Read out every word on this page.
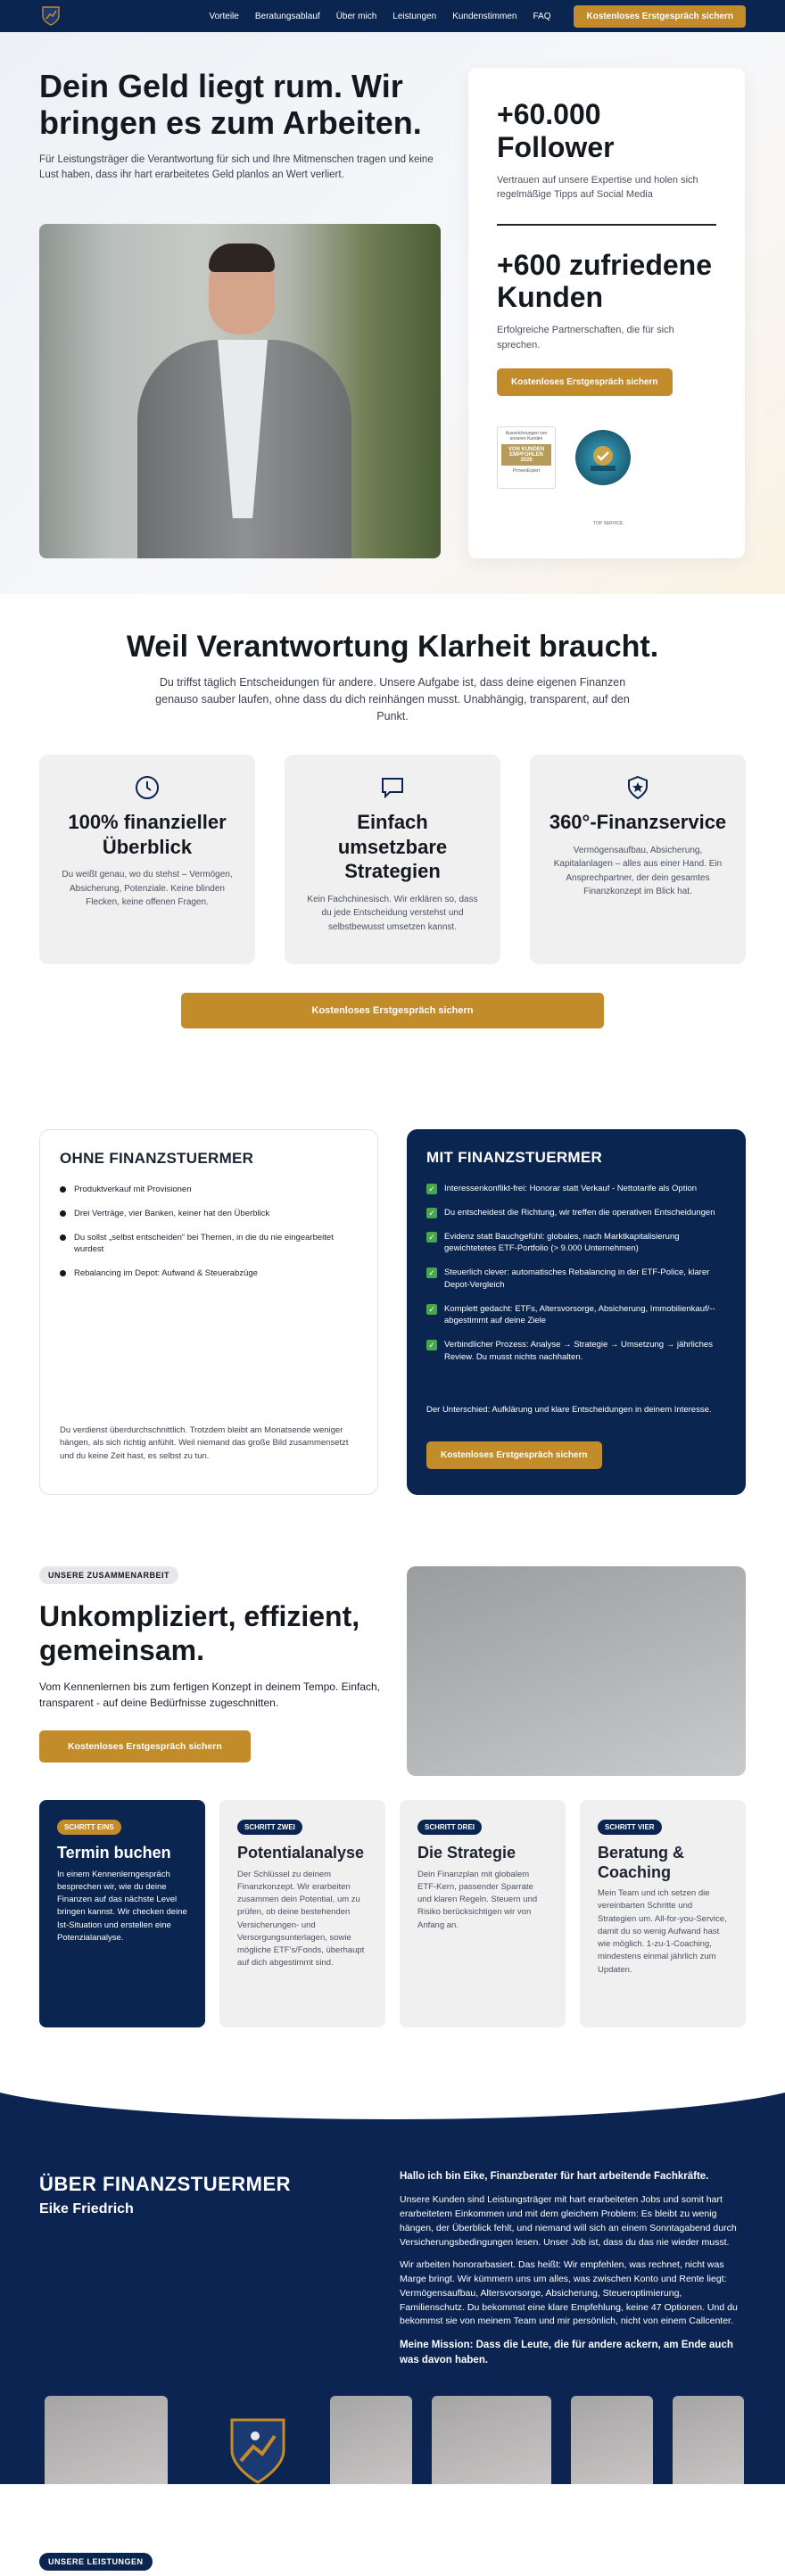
Vorteile Beratungsablauf Über mich Leistungen Kundenstimmen FAQ	Kostenloses Erstgespräch sichern
Dein Geld liegt rum. Wir bringen es zum Arbeiten.

Für Leistungsträger die Verantwortung für sich und Ihre Mitmenschen tragen und keine Lust haben, dass ihr hart erarbeitetes Geld planlos an Wert verliert.

+60.000 Follower
Vertrauen auf unsere Expertise und holen sich regelmäßige Tipps auf Social Media
+600 zufriedene Kunden
Erfolgreiche Partnerschaften, die für sich sprechen.
Kostenloses Erstgespräch sichern
Auszeichnungen von unseren Kunden
VON KUNDEN EMPFOHLEN 2026
ProvenExpert
TOP SERVICE
Weil Verantwortung Klarheit braucht.

Du triffst täglich Entscheidungen für andere. Unsere Aufgabe ist, dass deine eigenen Finanzen genauso sauber laufen, ohne dass du dich reinhängen musst. Unabhängig, transparent, auf den Punkt.

100% finanzieller Überblick

Du weißt genau, wo du stehst – Vermögen, Absicherung, Potenziale. Keine blinden Flecken, keine offenen Fragen.

Einfach umsetzbare Strategien

Kein Fachchinesisch. Wir erklären so, dass du jede Entscheidung verstehst und selbstbewusst umsetzen kannst.

360°-Finanzservice

Vermögensaufbau, Absicherung, Kapitalanlagen – alles aus einer Hand. Ein Ansprechpartner, der dein gesamtes Finanzkonzept im Blick hat.

Kostenloses Erstgespräch sichern
OHNE FINANZSTUERMER
Produktverkauf mit Provisionen
Drei Verträge, vier Banken, keiner hat den Überblick
Du sollst „selbst entscheiden“ bei Themen, in die du nie eingearbeitet wurdest
Rebalancing im Depot: Aufwand & Steuerabzüge

Du verdienst überdurchschnittlich. Trotzdem bleibt am Monatsende weniger hängen, als sich richtig anfühlt. Weil niemand das große Bild zusammensetzt und du keine Zeit hast, es selbst zu tun.

MIT FINANZSTUERMER
✓ Interessenkonflikt-frei: Honorar statt Verkauf - Nettotarife als Option
✓ Du entscheidest die Richtung, wir treffen die operativen Entscheidungen
✓ Evidenz statt Bauchgefühl: globales, nach Marktkapitalisierung gewichtetetes ETF-Portfolio (> 9.000 Unternehmen)
✓ Steuerlich clever: automatisches Rebalancing in der ETF-Police, klarer Depot-Vergleich
✓ Komplett gedacht: ETFs, Altersvorsorge, Absicherung, Immobilienkauf/-- abgestimmt auf deine Ziele
✓ Verbindlicher Prozess: Analyse → Strategie → Umsetzung → jährliches Review. Du musst nichts nachhalten.

Der Unterschied: Aufklärung und klare Entscheidungen in deinem Interesse.

Kostenloses Erstgespräch sichern
UNSERE ZUSAMMENARBEIT
Unkompliziert, effizient, gemeinsam.

Vom Kennenlernen bis zum fertigen Konzept in deinem Tempo. Einfach, transparent - auf deine Bedürfnisse zugeschnitten.

Kostenloses Erstgespräch sichern
SCHRITT EINS
Termin buchen

In einem Kennenlerngespräch besprechen wir, wie du deine Finanzen auf das nächste Level bringen kannst. Wir checken deine Ist-Situation und erstellen eine Potenzialanalyse.

SCHRITT ZWEI
Potentialanalyse

Der Schlüssel zu deinem Finanzkonzept. Wir erarbeiten zusammen dein Potential, um zu prüfen, ob deine bestehenden Versicherungen- und Versorgungsunterlagen, sowie mögliche ETF's/Fonds, überhaupt auf dich abgestimmt sind.

SCHRITT DREI
Die Strategie

Dein Finanzplan mit globalem ETF-Kern, passender Sparrate und klaren Regeln. Steuern und Risiko berücksichtigen wir von Anfang an.

SCHRITT VIER
Beratung & Coaching

Mein Team und ich setzen die vereinbarten Schritte und Strategien um. All-for-you-Service, damit du so wenig Aufwand hast wie möglich. 1-zu-1-Coaching, mindestens einmal jährlich zum Updaten.

ÜBER FINANZSTUERMER
Eike Friedrich

Hallo ich bin Eike, Finanzberater für hart arbeitende Fachkräfte.

Unsere Kunden sind Leistungsträger mit hart erarbeiteten Jobs und somit hart erarbeitetem Einkommen und mit dem gleichem Problem: Es bleibt zu wenig hängen, der Überblick fehlt, und niemand will sich an einem Sonntagabend durch Versicherungsbedingungen lesen. Unser Job ist, dass du das nie wieder musst.

Wir arbeiten honorarbasiert. Das heißt: Wir empfehlen, was rechnet, nicht was Marge bringt. Wir kümmern uns um alles, was zwischen Konto und Rente liegt: Vermögensaufbau, Altersvorsorge, Absicherung, Steueroptimierung, Familienschutz. Du bekommst eine klare Empfehlung, keine 47 Optionen. Und du bekommst sie von meinem Team und mir persönlich, nicht von einem Callcenter.

Meine Mission: Dass die Leute, die für andere ackern, am Ende auch was davon haben.

UNSERE LEISTUNGEN
